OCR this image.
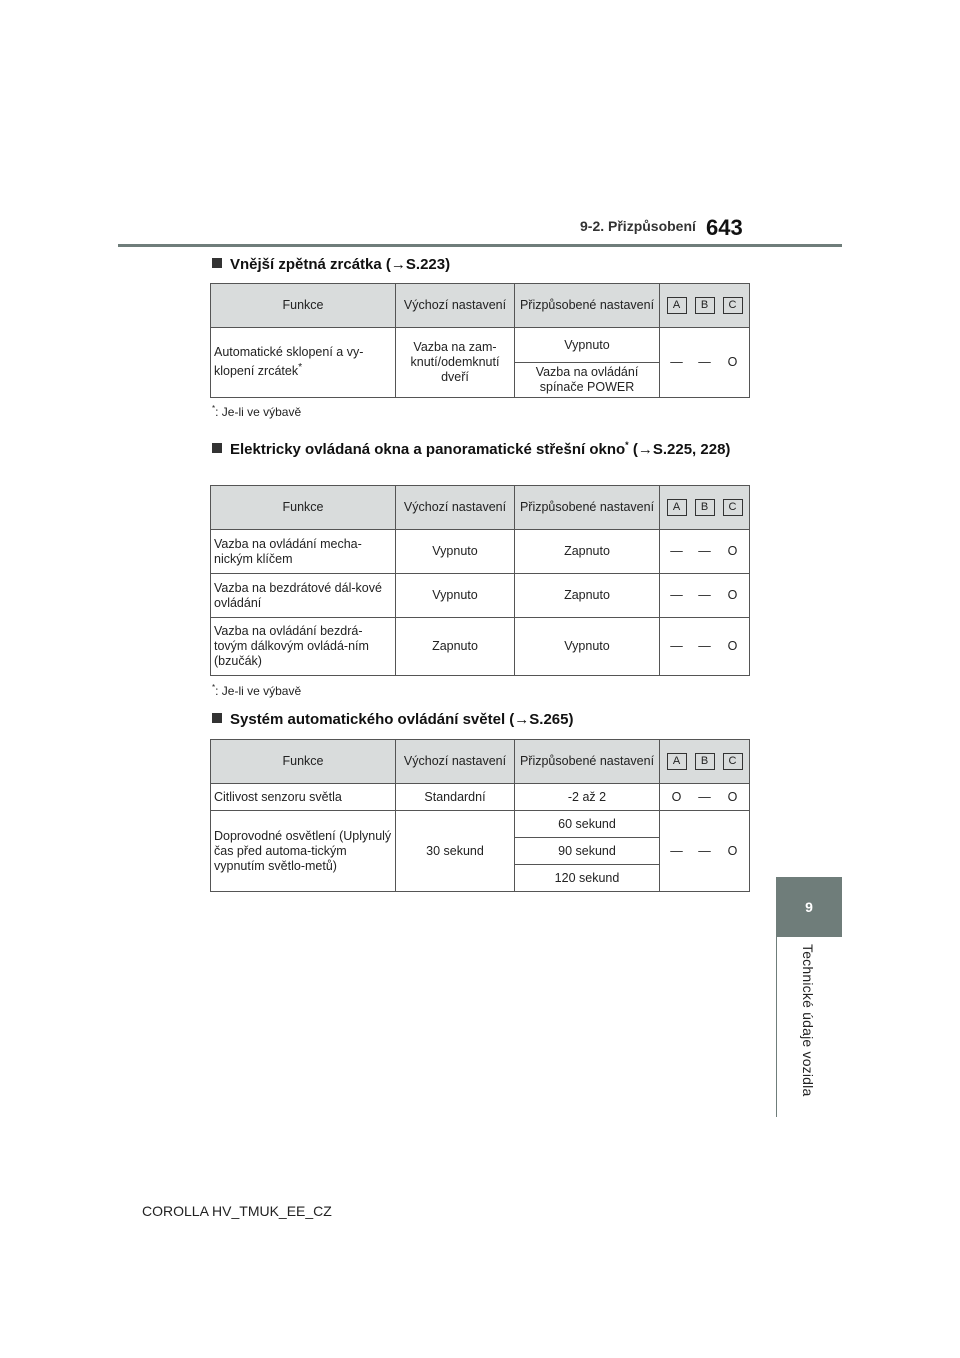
9-2. Přizpůsobení 643
9
Technické údaje vozidla
Vnější zpětná zrcátka (→S.223)
Funkce	Výchozí nastavení	Přizpůsobené nastavení	A B C
Automatické sklopení a vy-klopení zrcátek*	Vazba na zam-knutí/odemknutí dveří	Vypnuto	— — O
		Vazba na ovládání spínače POWER	
*: Je-li ve výbavě
Elektricky ovládaná okna a panoramatické střešní okno* (→S.225, 228)
Funkce	Výchozí nastavení	Přizpůsobené nastavení	A B C
Vazba na ovládání mecha-nickým klíčem	Vypnuto	Zapnuto	— — O
Vazba na bezdrátové dál-kové ovládání	Vypnuto	Zapnuto	— — O
Vazba na ovládání bezdrá-tovým dálkovým ovládá-ním (bzučák)	Zapnuto	Vypnuto	— — O
*: Je-li ve výbavě
Systém automatického ovládání světel (→S.265)
Funkce	Výchozí nastavení	Přizpůsobené nastavení	A B C
Citlivost senzoru světla	Standardní	-2 až 2	O — O
Doprovodné osvětlení (Uplynulý čas před automa-tickým vypnutím světlo-metů)	30 sekund	60 sekund	— — O
		90 sekund	
		120 sekund	
COROLLA HV_TMUK_EE_CZ
